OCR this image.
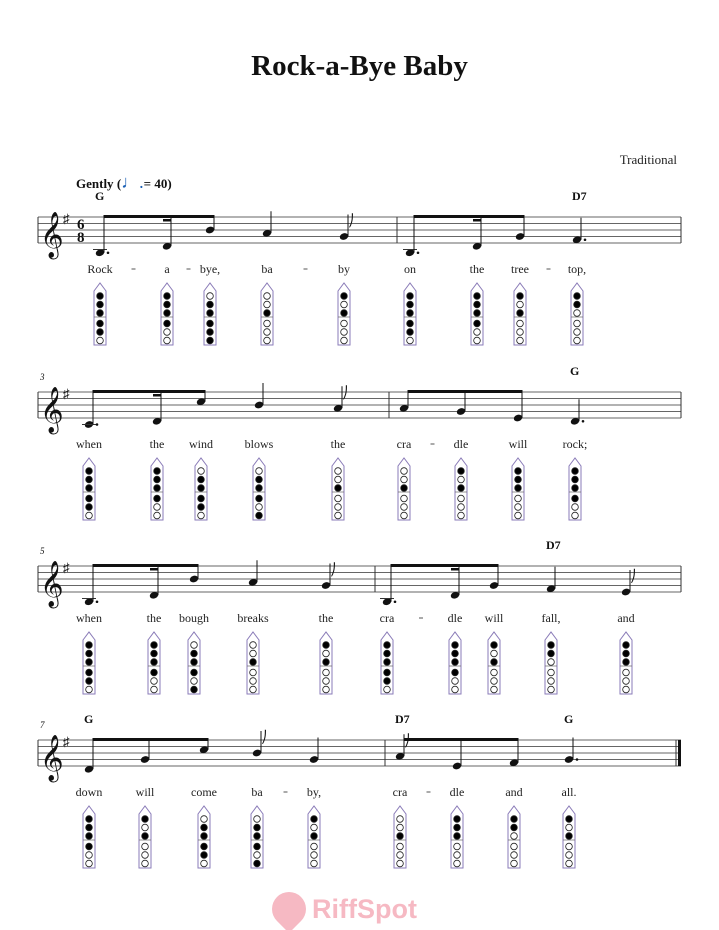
Rock-a-Bye Baby
Traditional
Gently (♩.= 40)
𝄞 ♯ 6
8
G	D7
Rock	a	bye,	ba
⎠
by	on	the tree	top,
𝄞 ♯
3	G
when	the wind	blows
⎠
the	cra	dle	will	rock;
𝄞 ♯
5	D7
when	the bough breaks
⎠
the	cra	dle will	fall,
⎠
and
𝄞 ♯
7	G	D7	G
down	will	come
⎠
ba	by,	cra	dle	and	all.
RiffSpot
